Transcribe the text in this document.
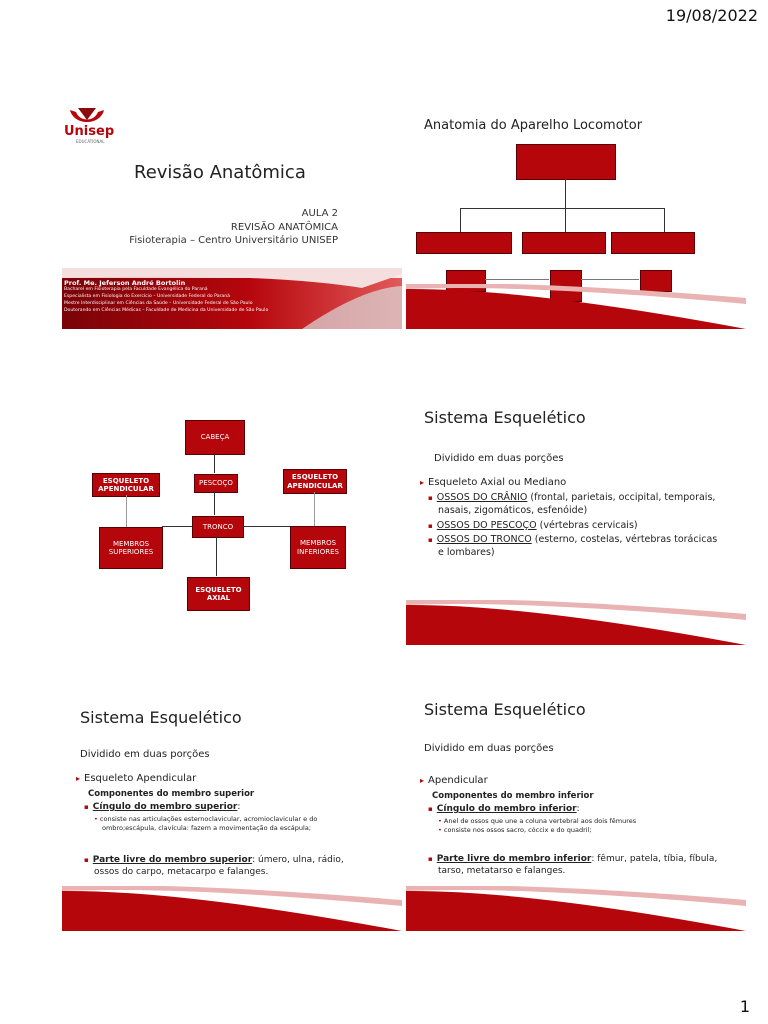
19/08/2022
Unisep
EDUCATIONAL
Revisão Anatômica
AULA 2
REVISÃO ANATÔMICA
Fisioterapia – Centro Universitário UNISEP
Prof. Me. Jeferson André Bortolin
Bacharel em Fisioterapia pela Faculdade Evangélica do Paraná
Especialista em Fisiologia do Exercício – Universidade Federal do Paraná
Mestre Interdisciplinar em Ciências da Saúde – Universidade Federal de São Paulo
Doutorando em Ciências Médicas – Faculdade de Medicina da Universidade de São Paulo
Anatomia do Aparelho Locomotor
CABEÇA
PESCOÇO
TRONCO
ESQUELETO APENDICULAR
ESQUELETO APENDICULAR
MEMBROS SUPERIORES
MEMBROS INFERIORES
ESQUELETO AXIAL
Sistema Esquelético
Dividido em duas porções
▸ Esqueleto Axial ou Mediano
▪ OSSOS DO CRÂNIO (frontal, parietais, occipital, temporais, nasais, zigomáticos, esfenóide)
▪ OSSOS DO PESCOÇO (vértebras cervicais)
▪ OSSOS DO TRONCO (esterno, costelas, vértebras torácicas e lombares)
Sistema Esquelético
Dividido em duas porções
▸ Esqueleto Apendicular
Componentes do membro superior
▪ Cíngulo do membro superior:
• consiste nas articulações esternoclavicular, acromioclavicular e do ombro;escápula, clavícula: fazem a movimentação da escápula;
▪ Parte livre do membro superior: úmero, ulna, rádio, ossos do carpo, metacarpo e falanges.
Sistema Esquelético
Dividido em duas porções
▸ Apendicular
Componentes do membro inferior
▪ Cíngulo do membro inferior:
• Anel de ossos que une a coluna vertebral aos dois fêmures
• consiste nos ossos sacro, cóccix e do quadril;
▪ Parte livre do membro inferior: fêmur, patela, tíbia, fíbula, tarso, metatarso e falanges.
1
